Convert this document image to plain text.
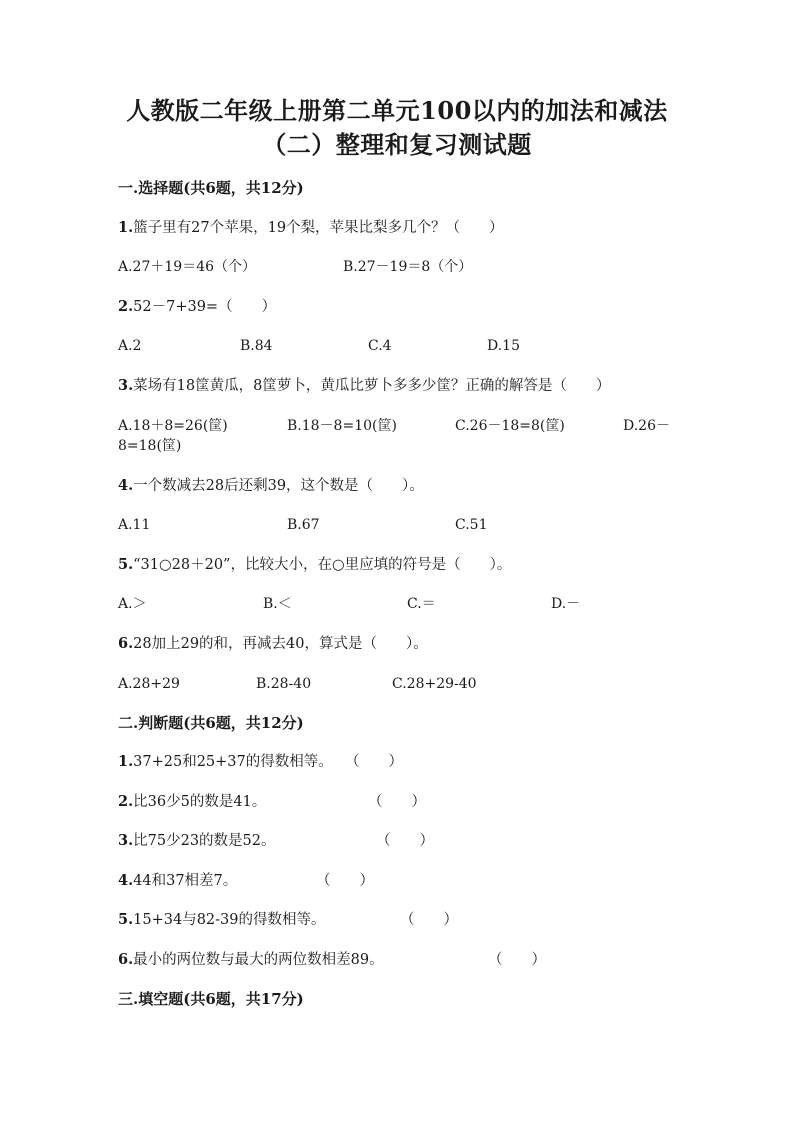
人教版二年级上册第二单元100以内的加法和减法
（二）整理和复习测试题
一.选择题(共6题，共12分)
1.篮子里有27个苹果，19个梨，苹果比梨多几个？（　　）
A.27＋19＝46（个）	B.27－19＝8（个）
2.52－7+39=（　　）
A.2	B.84	C.4	D.15
3.菜场有18筐黄瓜，8筐萝卜，黄瓜比萝卜多多少筐？正确的解答是（　　）
A.18＋8=26(筐)	B.18－8=10(筐)	C.26－18=8(筐)	D.26－
8=18(筐)
4.一个数减去28后还剩39，这个数是（　　）。
A.11	B.67	C.51
5.“31○28＋20”，比较大小，在○里应填的符号是（　　）。
A.＞	B.＜	C.＝	D.－
6.28加上29的和，再减去40，算式是（　　）。
A.28+29	B.28-40	C.28+29-40
二.判断题(共6题，共12分)
1.37+25和25+37的得数相等。 （　　）
2.比36少5的数是41。	（　　）
3.比75少23的数是52。	（　　）
4.44和37相差7。	（　　）
5.15+34与82-39的得数相等。	（　　）
6.最小的两位数与最大的两位数相差89。	（　　）
三.填空题(共6题，共17分)
